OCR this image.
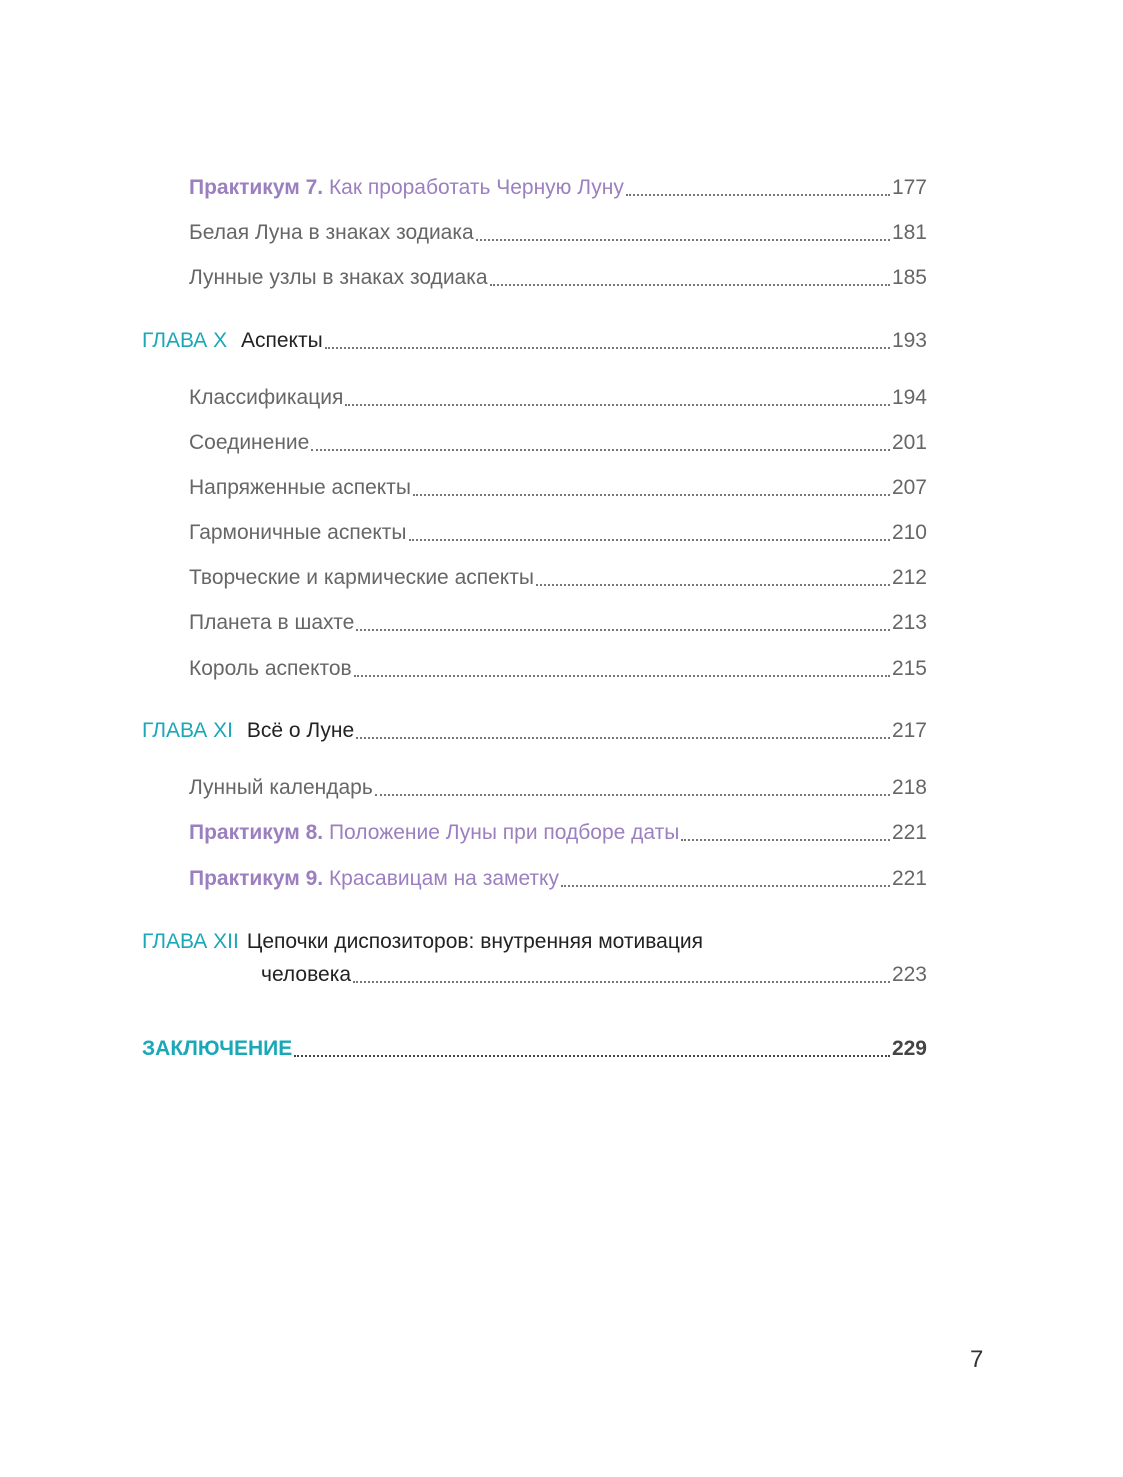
Практикум 7. Как проработать Черную Луну	177
Белая Луна в знаках зодиака	181
Лунные узлы в знаках зодиака	185
ГЛАВА X Аспекты	193
Классификация	194
Соединение	201
Напряженные аспекты	207
Гармоничные аспекты	210
Творческие и кармические аспекты	212
Планета в шахте	213
Король аспектов	215
ГЛАВА XI Всё о Луне	217
Лунный календарь	218
Практикум 8. Положение Луны при подборе даты	221
Практикум 9. Красавицам на заметку	221
ГЛАВА XII Цепочки диспозиторов: внутренняя мотивация
человека	223
ЗАКЛЮЧЕНИЕ	229
7
